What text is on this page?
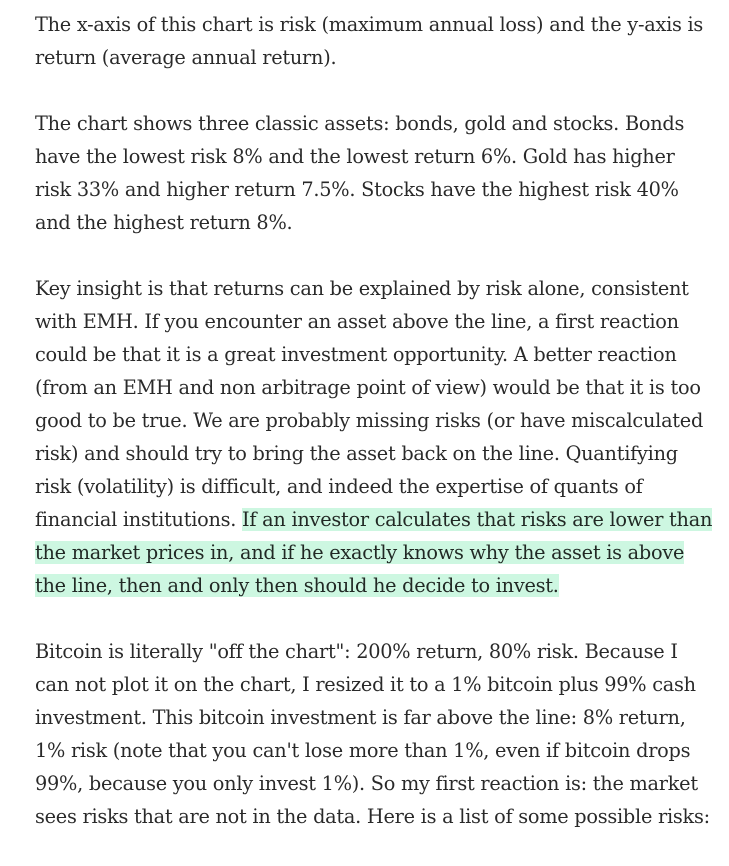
The x-axis of this chart is risk (maximum annual loss) and the y-axis is return (average annual return).

The chart shows three classic assets: bonds, gold and stocks. Bonds have the lowest risk 8% and the lowest return 6%. Gold has higher risk 33% and higher return 7.5%. Stocks have the highest risk 40% and the highest return 8%.

Key insight is that returns can be explained by risk alone, consistent with EMH. If you encounter an asset above the line, a first reaction could be that it is a great investment opportunity. A better reaction (from an EMH and non arbitrage point of view) would be that it is too good to be true. We are probably missing risks (or have miscalculated risk) and should try to bring the asset back on the line. Quantifying risk (volatility) is difficult, and indeed the expertise of quants of financial institutions. If an investor calculates that risks are lower than the market prices in, and if he exactly knows why the asset is above the line, then and only then should he decide to invest.

Bitcoin is literally "off the chart": 200% return, 80% risk. Because I can not plot it on the chart, I resized it to a 1% bitcoin plus 99% cash investment. This bitcoin investment is far above the line: 8% return, 1% risk (note that you can't lose more than 1%, even if bitcoin drops 99%, because you only invest 1%). So my first reaction is: the market sees risks that are not in the data. Here is a list of some possible risks:
